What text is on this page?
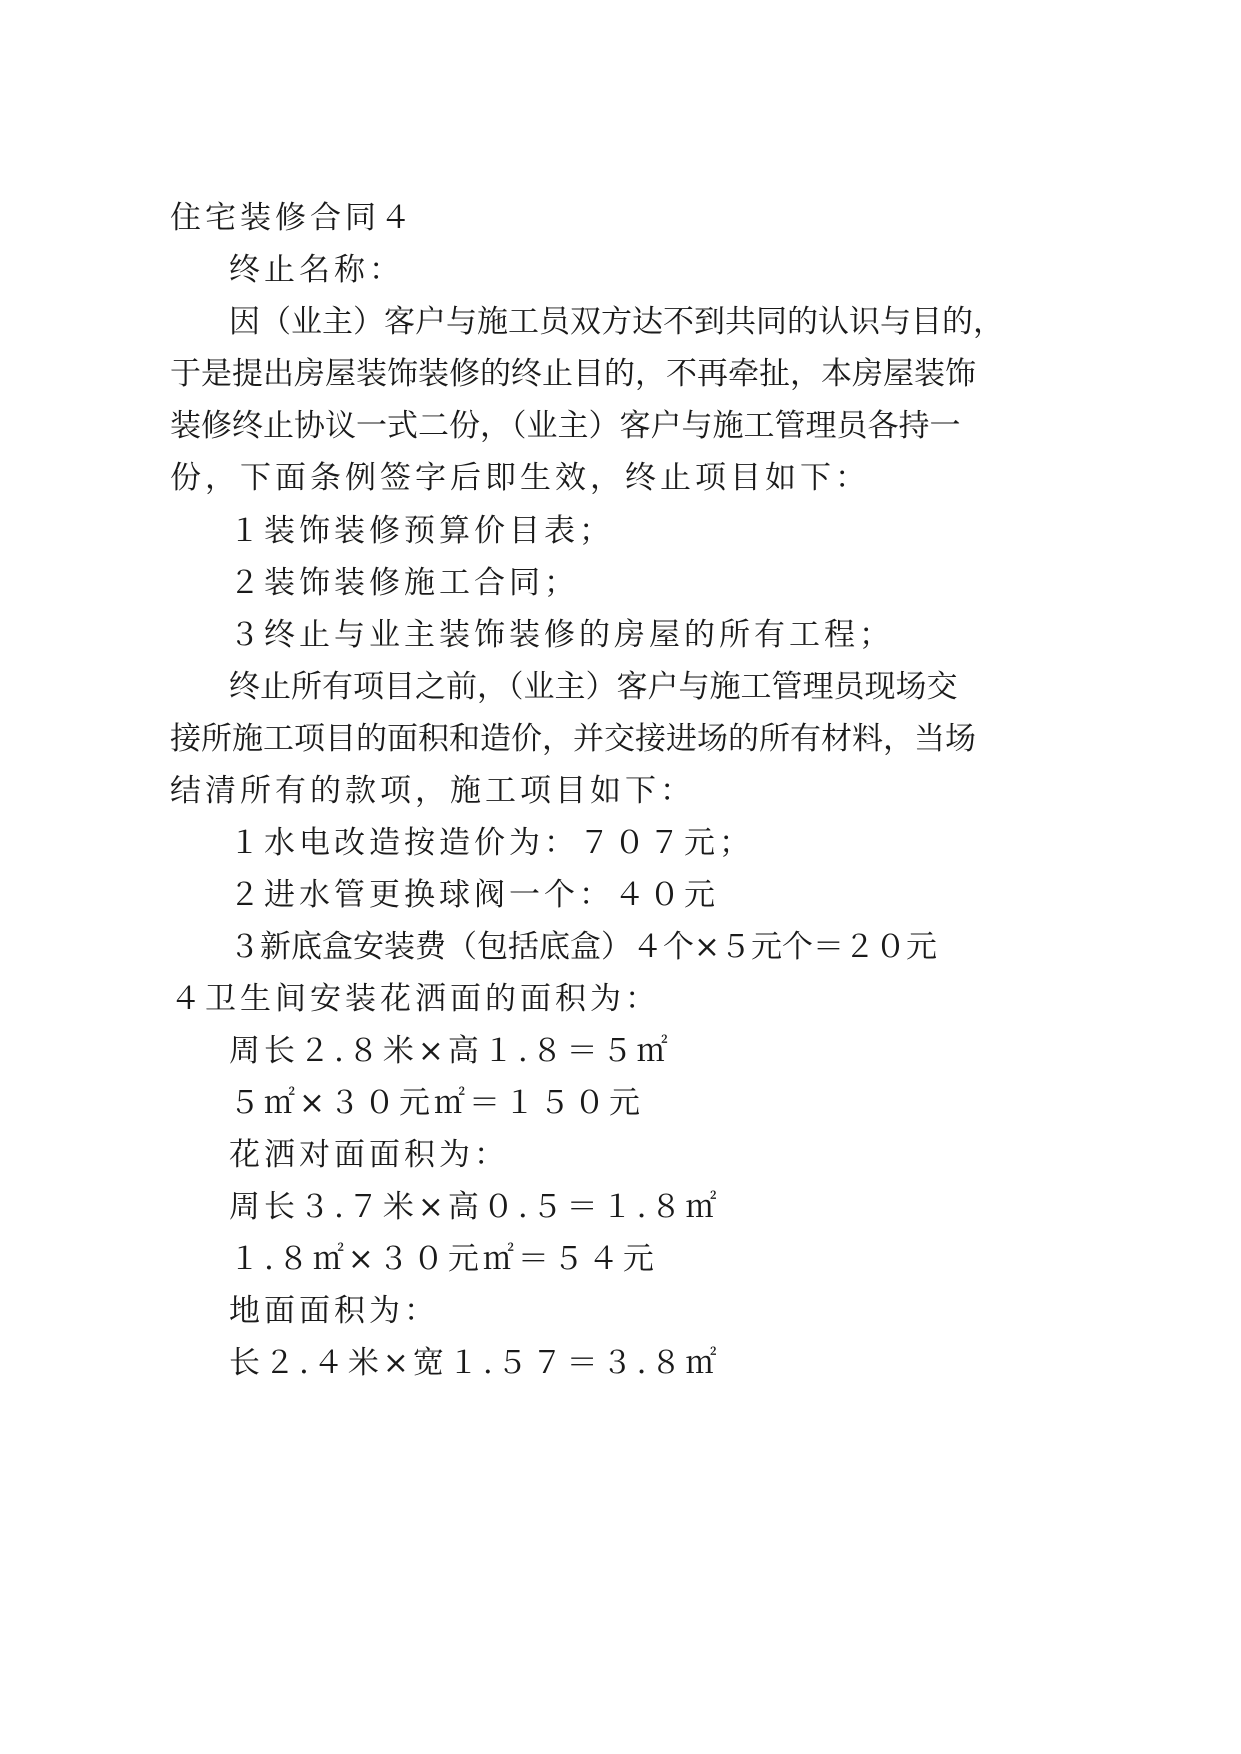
住宅装修合同４
终止名称：
因（业主）客户与施工员双方达不到共同的认识与目的，
于是提出房屋装饰装修的终止目的，不再牵扯，本房屋装饰
装修终止协议一式二份，（业主）客户与施工管理员各持一
份，下面条例签字后即生效，终止项目如下：
１装饰装修预算价目表；
２装饰装修施工合同；
３终止与业主装饰装修的房屋的所有工程；
终止所有项目之前，（业主）客户与施工管理员现场交
接所施工项目的面积和造价，并交接进场的所有材料，当场
结清所有的款项，施工项目如下：
１水电改造按造价为：７０７元；
２进水管更换球阀一个：４０元
３新底盒安装费（包括底盒）４个×５元个＝２０元
４卫生间安装花洒面的面积为：
周长２.８米×高１.８＝５㎡
５㎡×３０元㎡＝１５０元
花洒对面面积为：
周长３.７米×高０.５＝１.８㎡
１.８㎡×３０元㎡＝５４元
地面面积为：
长２.４米×宽１.５７＝３.８㎡
